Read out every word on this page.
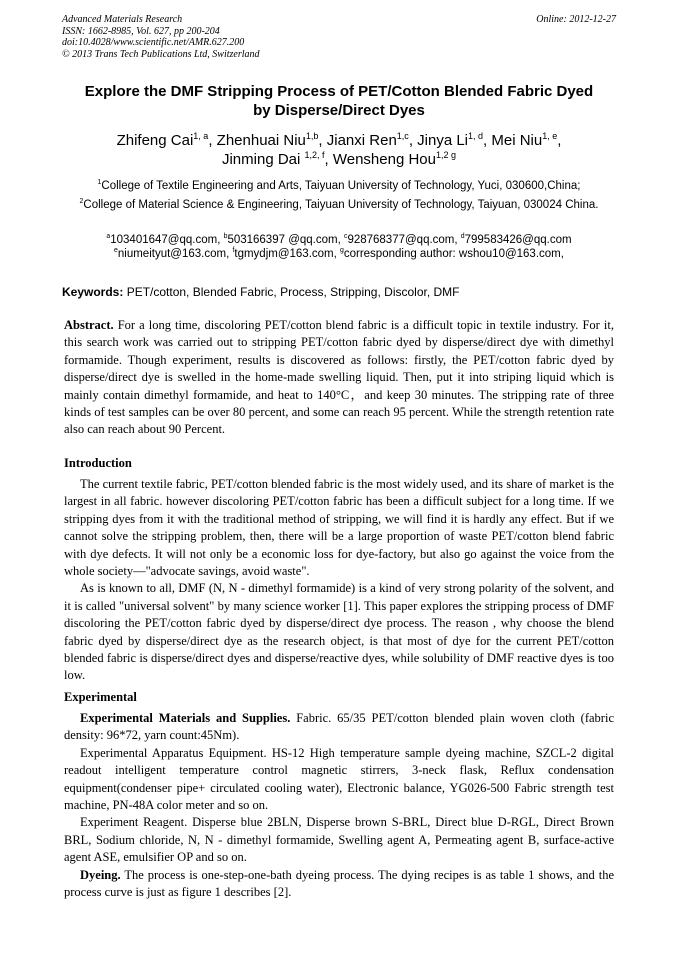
Advanced Materials Research
ISSN: 1662-8985, Vol. 627, pp 200-204
doi:10.4028/www.scientific.net/AMR.627.200
© 2013 Trans Tech Publications Ltd, Switzerland
Online: 2012-12-27
Explore the DMF Stripping Process of PET/Cotton Blended Fabric Dyed
by Disperse/Direct Dyes
Zhifeng Cai$^{1, a}$, Zhenhuai Niu$^{1,b}$, Jianxi Ren$^{1,c}$, Jinya Li$^{1, d}$, Mei Niu$^{1, e}$,
Jinming Dai $^{1,2, f}$, Wensheng Hou$^{1,2 g}$
$^1$College of Textile Engineering and Arts, Taiyuan University of Technology, Yuci, 030600,China;
$^2$College of Material Science & Engineering, Taiyuan University of Technology, Taiyuan, 030024 China.
$^a$103401647@qq.com, $^b$503166397 @qq.com, $^c$928768377@qq.com, $^d$799583426@qq.com
$^e$niumeityut@163.com, $^f$tgmydjm@163.com, $^g$corresponding author: wshou10@163.com,
Keywords: PET/cotton, Blended Fabric, Process, Stripping, Discolor, DMF

Abstract. For a long time, discoloring PET/cotton blend fabric is a difficult topic in textile industry. For it, this search work was carried out to stripping PET/cotton fabric dyed by disperse/direct dye with dimethyl formamide. Though experiment, results is discovered as follows: firstly, the PET/cotton fabric dyed by disperse/direct dye is swelled in the home-made swelling liquid. Then, put it into striping liquid which is mainly contain dimethyl formamide, and heat to 140°C，and keep 30 minutes. The stripping rate of three kinds of test samples can be over 80 percent, and some can reach 95 percent. While the strength retention rate also can reach about 90 Percent.

Introduction

The current textile fabric, PET/cotton blended fabric is the most widely used, and its share of market is the largest in all fabric. however discoloring PET/cotton fabric has been a difficult subject for a long time. If we stripping dyes from it with the traditional method of stripping, we will find it is hardly any effect. But if we cannot solve the stripping problem, then, there will be a large proportion of waste PET/cotton blend fabric with dye defects. It will not only be a economic loss for dye-factory, but also go against the voice from the whole society—"advocate savings, avoid waste".

As is known to all, DMF (N, N - dimethyl formamide) is a kind of very strong polarity of the solvent, and it is called "universal solvent" by many science worker [1]. This paper explores the stripping process of DMF discoloring the PET/cotton fabric dyed by disperse/direct dye process. The reason , why choose the blend fabric dyed by disperse/direct dye as the research object, is that most of dye for the current PET/cotton blended fabric is disperse/direct dyes and disperse/reactive dyes, while solubility of DMF reactive dyes is too low.

Experimental

Experimental Materials and Supplies. Fabric. 65/35 PET/cotton blended plain woven cloth (fabric density: 96*72, yarn count:45Nm).

Experimental Apparatus Equipment. HS-12 High temperature sample dyeing machine, SZCL-2 digital readout intelligent temperature control magnetic stirrers, 3-neck flask, Reflux condensation equipment(condenser pipe+ circulated cooling water), Electronic balance, YG026-500 Fabric strength test machine, PN-48A color meter and so on.

Experiment Reagent. Disperse blue 2BLN, Disperse brown S-BRL, Direct blue D-RGL, Direct Brown BRL, Sodium chloride, N, N - dimethyl formamide, Swelling agent A, Permeating agent B, surface-active agent ASE, emulsifier OP and so on.

Dyeing. The process is one-step-one-bath dyeing process. The dying recipes is as table 1 shows, and the process curve is just as figure 1 describes [2].
